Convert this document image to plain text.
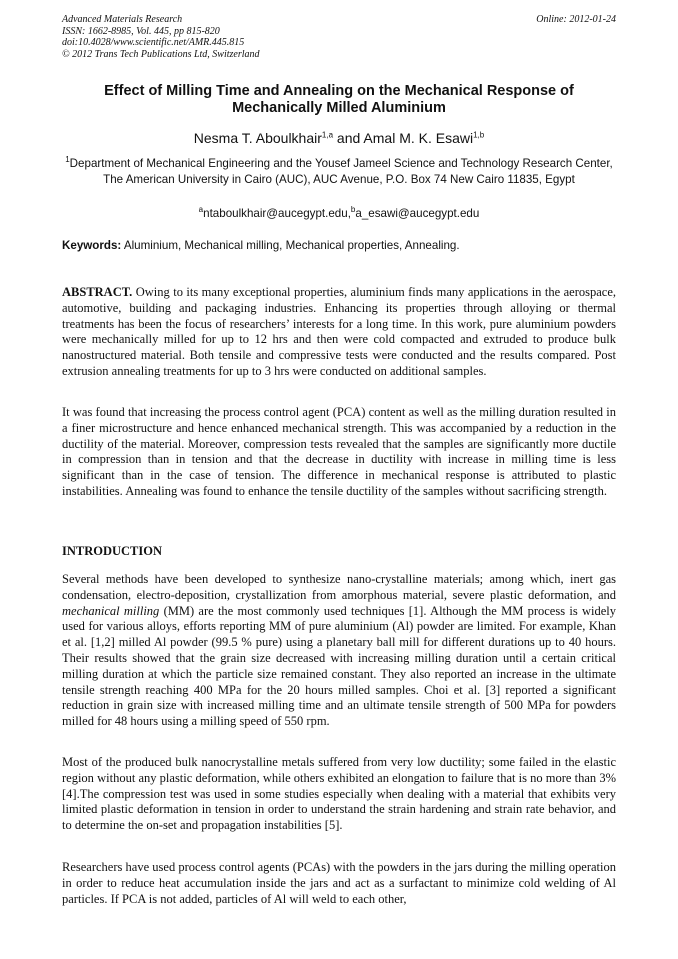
Advanced Materials Research
ISSN: 1662-8985, Vol. 445, pp 815-820
doi:10.4028/www.scientific.net/AMR.445.815
© 2012 Trans Tech Publications Ltd, Switzerland
Online: 2012-01-24
Effect of Milling Time and Annealing on the Mechanical Response of Mechanically Milled Aluminium
Nesma T. Aboulkhair$^{1,a}$ and Amal M. K. Esawi$^{1,b}$
$^1$Department of Mechanical Engineering and the Yousef Jameel Science and Technology Research Center, The American University in Cairo (AUC), AUC Avenue, P.O. Box 74 New Cairo 11835, Egypt
$^a$ntaboulkhair@aucegypt.edu,$^b$a_esawi@aucegypt.edu
Keywords: Aluminium, Mechanical milling, Mechanical properties, Annealing.

ABSTRACT. Owing to its many exceptional properties, aluminium finds many applications in the aerospace, automotive, building and packaging industries. Enhancing its properties through alloying or thermal treatments has been the focus of researchers’ interests for a long time. In this work, pure aluminium powders were mechanically milled for up to 12 hrs and then were cold compacted and extruded to produce bulk nanostructured material. Both tensile and compressive tests were conducted and the results compared. Post extrusion annealing treatments for up to 3 hrs were conducted on additional samples.

It was found that increasing the process control agent (PCA) content as well as the milling duration resulted in a finer microstructure and hence enhanced mechanical strength. This was accompanied by a reduction in the ductility of the material. Moreover, compression tests revealed that the samples are significantly more ductile in compression than in tension and that the decrease in ductility with increase in milling time is less significant than in the case of tension. The difference in mechanical response is attributed to plastic instabilities. Annealing was found to enhance the tensile ductility of the samples without sacrificing strength.

INTRODUCTION

Several methods have been developed to synthesize nano-crystalline materials; among which, inert gas condensation, electro-deposition, crystallization from amorphous material, severe plastic deformation, and mechanical milling (MM) are the most commonly used techniques [1]. Although the MM process is widely used for various alloys, efforts reporting MM of pure aluminium (Al) powder are limited. For example, Khan et al. [1,2] milled Al powder (99.5 % pure) using a planetary ball mill for different durations up to 40 hours. Their results showed that the grain size decreased with increasing milling duration until a certain critical milling duration at which the particle size remained constant. They also reported an increase in the ultimate tensile strength reaching 400 MPa for the 20 hours milled samples. Choi et al. [3] reported a significant reduction in grain size with increased milling time and an ultimate tensile strength of 500 MPa for powders milled for 48 hours using a milling speed of 550 rpm.

Most of the produced bulk nanocrystalline metals suffered from very low ductility; some failed in the elastic region without any plastic deformation, while others exhibited an elongation to failure that is no more than 3% [4].The compression test was used in some studies especially when dealing with a material that exhibits very limited plastic deformation in tension in order to understand the strain hardening and strain rate behavior, and to determine the on-set and propagation instabilities [5].

Researchers have used process control agents (PCAs) with the powders in the jars during the milling operation in order to reduce heat accumulation inside the jars and act as a surfactant to minimize cold welding of Al particles. If PCA is not added, particles of Al will weld to each other,
